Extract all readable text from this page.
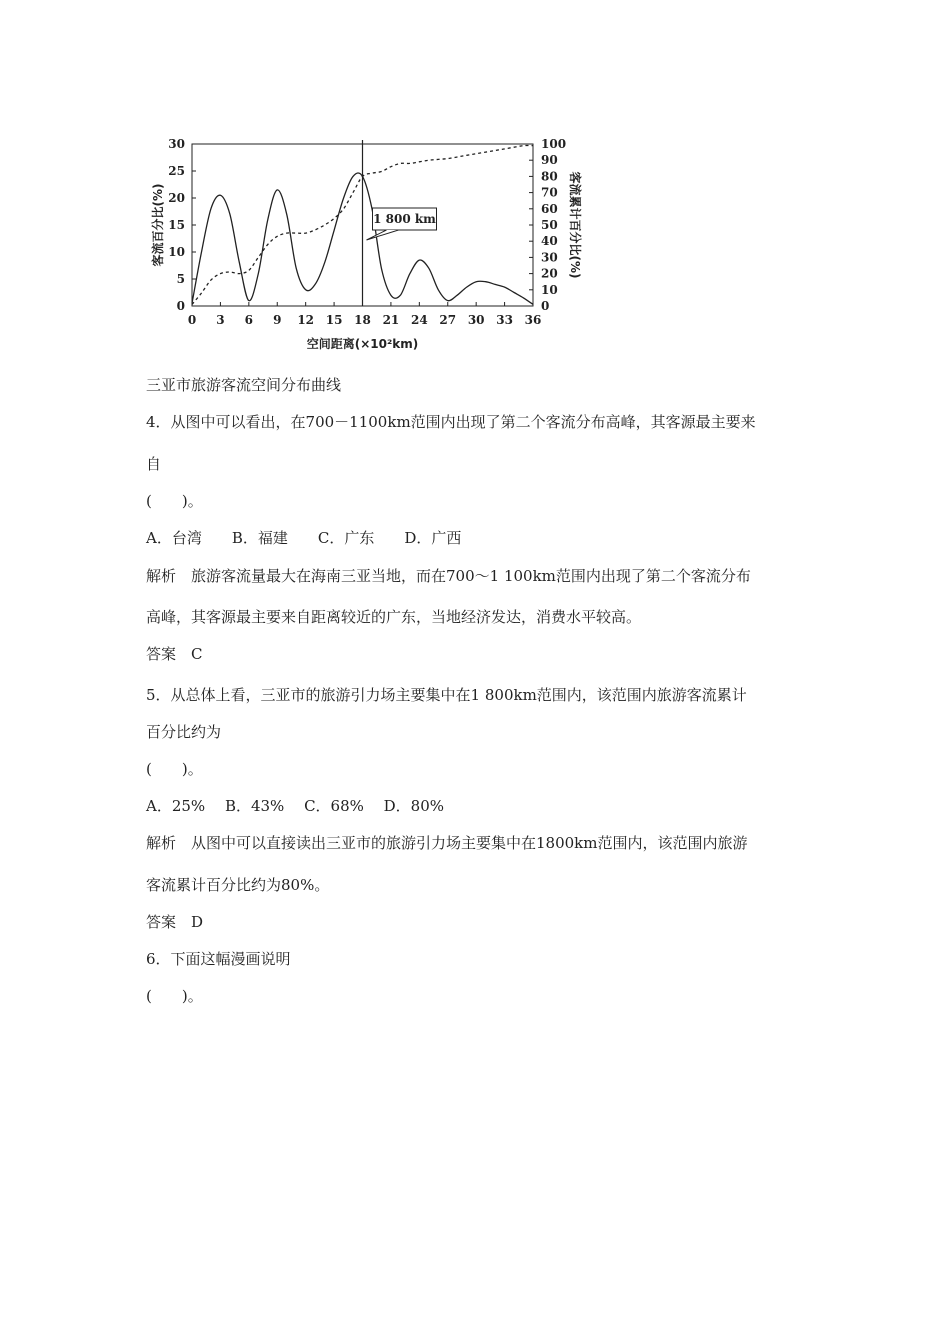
0 3 6 9 12 15 18 21 24 27 30 33 36
0
5
10
15
20
25
30
0
10
20
30
40
50
60
70
80
90
100
空间距离(×10²km)
客流百分比(%)	客流累计百分比(%)
1 800 km
三亚市旅游客流空间分布曲线
4．从图中可以看出，在700－1100km范围内出现了第二个客流分布高峰，其客源最主要来
自
(　　)。
A．台湾　　B．福建　　C．广东　　D．广西
解析　旅游客流量最大在海南三亚当地，而在700～1 100km范围内出现了第二个客流分布
高峰，其客源最主要来自距离较近的广东，当地经济发达，消费水平较高。
答案　C
5．从总体上看，三亚市的旅游引力场主要集中在1 800km范围内，该范围内旅游客流累计
百分比约为
(　　)。
A．25%　 B．43%　 C．68%　 D．80%
解析　从图中可以直接读出三亚市的旅游引力场主要集中在1800km范围内，该范围内旅游
客流累计百分比约为80%。
答案　D
6．下面这幅漫画说明
(　　)。
